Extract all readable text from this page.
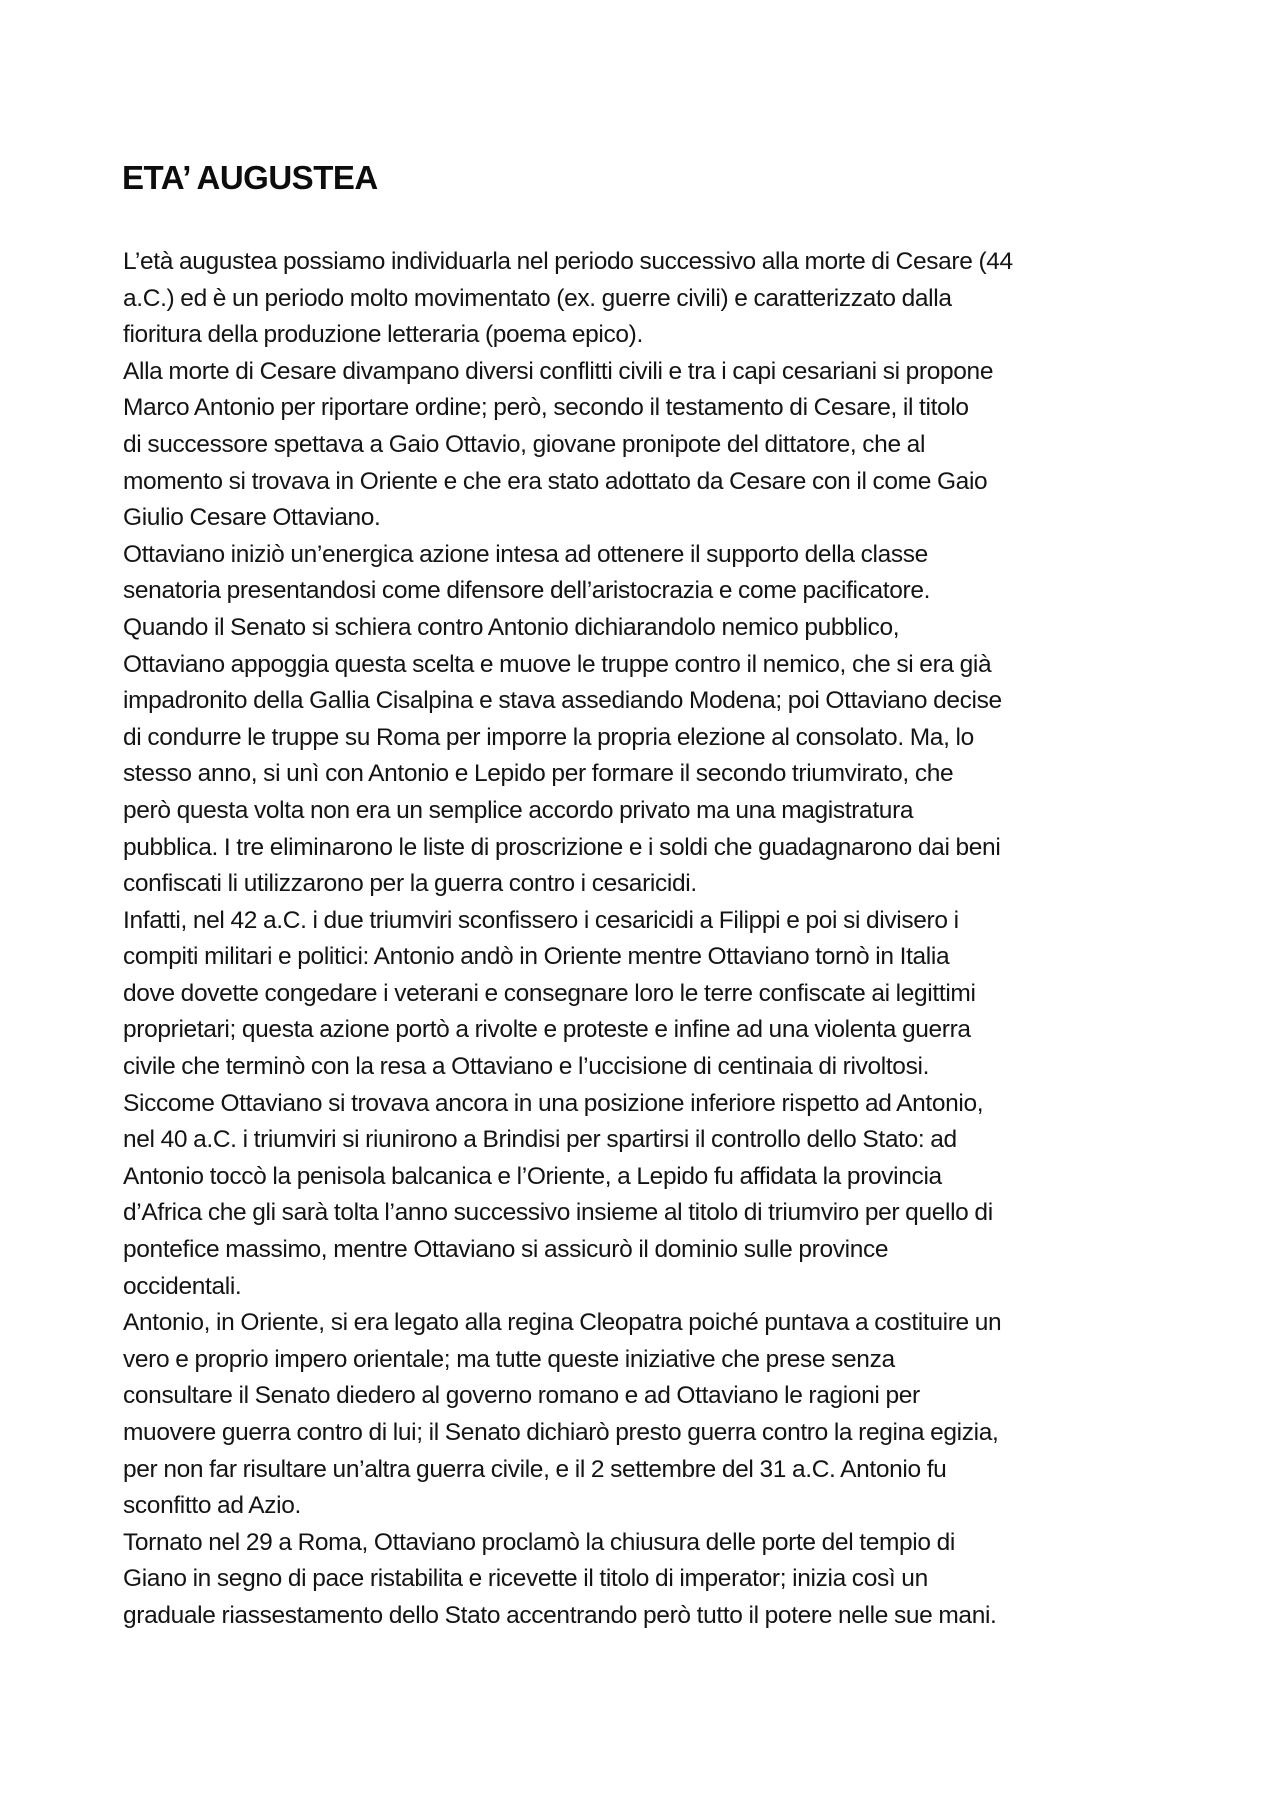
ETA’ AUGUSTEA
L’età augustea possiamo individuarla nel periodo successivo alla morte di Cesare (44
a.C.) ed è un periodo molto movimentato (ex. guerre civili) e caratterizzato dalla
fioritura della produzione letteraria (poema epico).
Alla morte di Cesare divampano diversi conflitti civili e tra i capi cesariani si propone
Marco Antonio per riportare ordine; però, secondo il testamento di Cesare, il titolo
di successore spettava a Gaio Ottavio, giovane pronipote del dittatore, che al
momento si trovava in Oriente e che era stato adottato da Cesare con il come Gaio
Giulio Cesare Ottaviano.
Ottaviano iniziò un’energica azione intesa ad ottenere il supporto della classe
senatoria presentandosi come difensore dell’aristocrazia e come pacificatore.
Quando il Senato si schiera contro Antonio dichiarandolo nemico pubblico,
Ottaviano appoggia questa scelta e muove le truppe contro il nemico, che si era già
impadronito della Gallia Cisalpina e stava assediando Modena; poi Ottaviano decise
di condurre le truppe su Roma per imporre la propria elezione al consolato. Ma, lo
stesso anno, si unì con Antonio e Lepido per formare il secondo triumvirato, che
però questa volta non era un semplice accordo privato ma una magistratura
pubblica. I tre eliminarono le liste di proscrizione e i soldi che guadagnarono dai beni
confiscati li utilizzarono per la guerra contro i cesaricidi.
Infatti, nel 42 a.C. i due triumviri sconfissero i cesaricidi a Filippi e poi si divisero i
compiti militari e politici: Antonio andò in Oriente mentre Ottaviano tornò in Italia
dove dovette congedare i veterani e consegnare loro le terre confiscate ai legittimi
proprietari; questa azione portò a rivolte e proteste e infine ad una violenta guerra
civile che terminò con la resa a Ottaviano e l’uccisione di centinaia di rivoltosi.
Siccome Ottaviano si trovava ancora in una posizione inferiore rispetto ad Antonio,
nel 40 a.C. i triumviri si riunirono a Brindisi per spartirsi il controllo dello Stato: ad
Antonio toccò la penisola balcanica e l’Oriente, a Lepido fu affidata la provincia
d’Africa che gli sarà tolta l’anno successivo insieme al titolo di triumviro per quello di
pontefice massimo, mentre Ottaviano si assicurò il dominio sulle province
occidentali.
Antonio, in Oriente, si era legato alla regina Cleopatra poiché puntava a costituire un
vero e proprio impero orientale; ma tutte queste iniziative che prese senza
consultare il Senato diedero al governo romano e ad Ottaviano le ragioni per
muovere guerra contro di lui; il Senato dichiarò presto guerra contro la regina egizia,
per non far risultare un’altra guerra civile, e il 2 settembre del 31 a.C. Antonio fu
sconfitto ad Azio.
Tornato nel 29 a Roma, Ottaviano proclamò la chiusura delle porte del tempio di
Giano in segno di pace ristabilita e ricevette il titolo di imperator; inizia così un
graduale riassestamento dello Stato accentrando però tutto il potere nelle sue mani.
